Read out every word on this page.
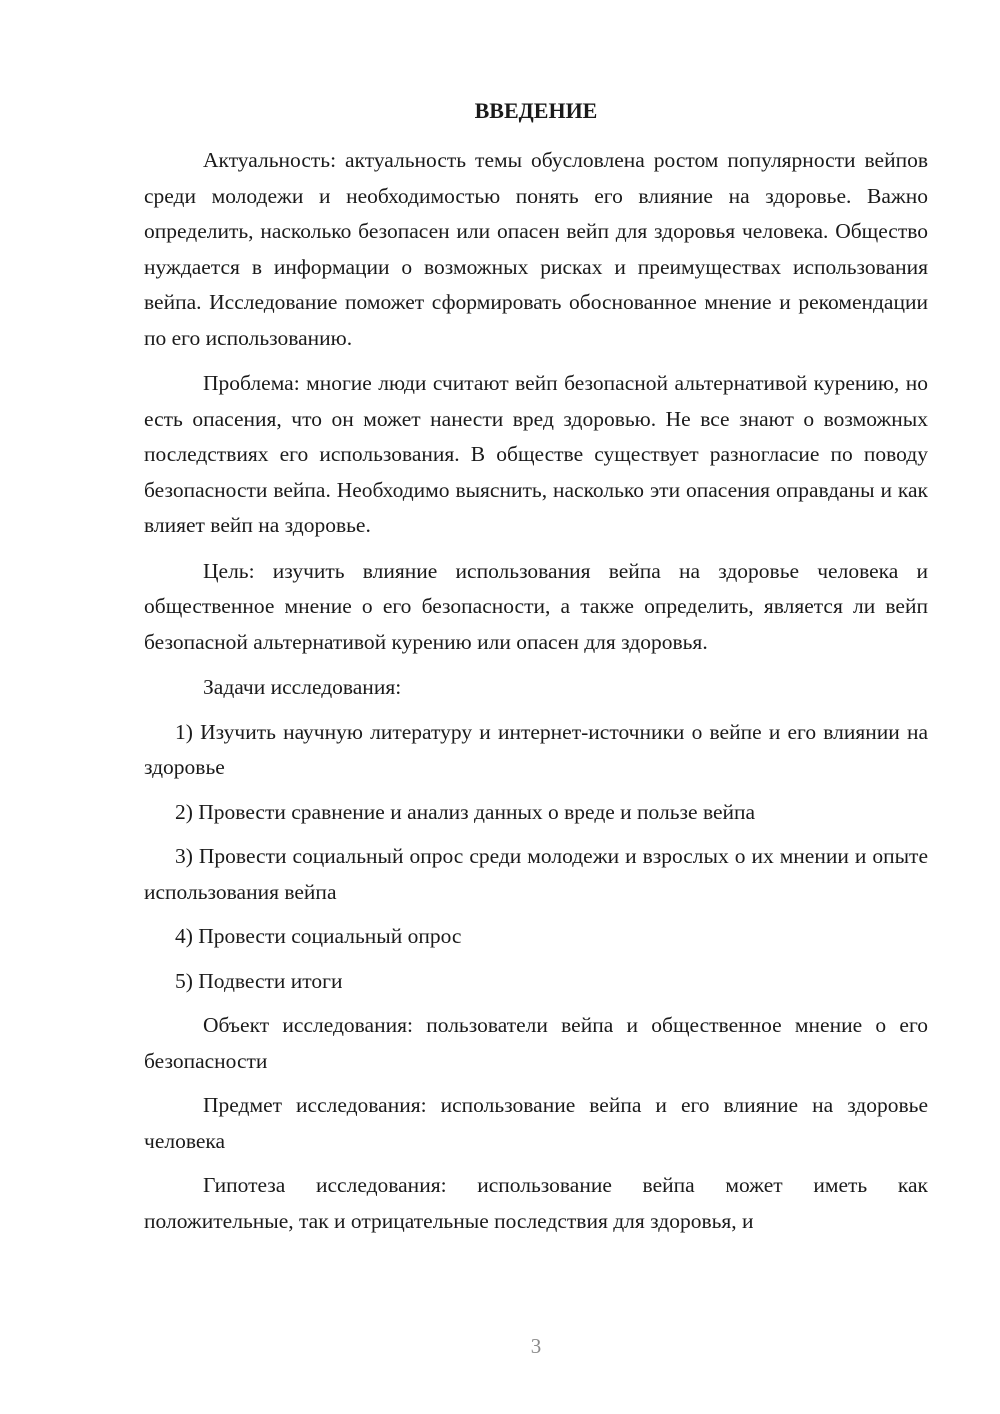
ВВЕДЕНИЕ

Актуальность: актуальность темы обусловлена ростом популярности вейпов среди молодежи и необходимостью понять его влияние на здоровье. Важно определить, насколько безопасен или опасен вейп для здоровья человека. Общество нуждается в информации о возможных рисках и преимуществах использования вейпа. Исследование поможет сформировать обоснованное мнение и рекомендации по его использованию.

Проблема: многие люди считают вейп безопасной альтернативой курению, но есть опасения, что он может нанести вред здоровью. Не все знают о возможных последствиях его использования. В обществе существует разногласие по поводу безопасности вейпа. Необходимо выяснить, насколько эти опасения оправданы и как влияет вейп на здоровье.

Цель: изучить влияние использования вейпа на здоровье человека и общественное мнение о его безопасности, а также определить, является ли вейп безопасной альтернативой курению или опасен для здоровья.

Задачи исследования:

1) Изучить научную литературу и интернет-источники о вейпе и его влиянии на здоровье

2) Провести сравнение и анализ данных о вреде и пользе вейпа

3) Провести социальный опрос среди молодежи и взрослых о их мнении и опыте использования вейпа

4) Провести социальный опрос

5) Подвести итоги

Объект исследования: пользователи вейпа и общественное мнение о его безопасности

Предмет исследования: использование вейпа и его влияние на здоровье человека

Гипотеза исследования: использование вейпа может иметь как положительные, так и отрицательные последствия для здоровья, и

3
